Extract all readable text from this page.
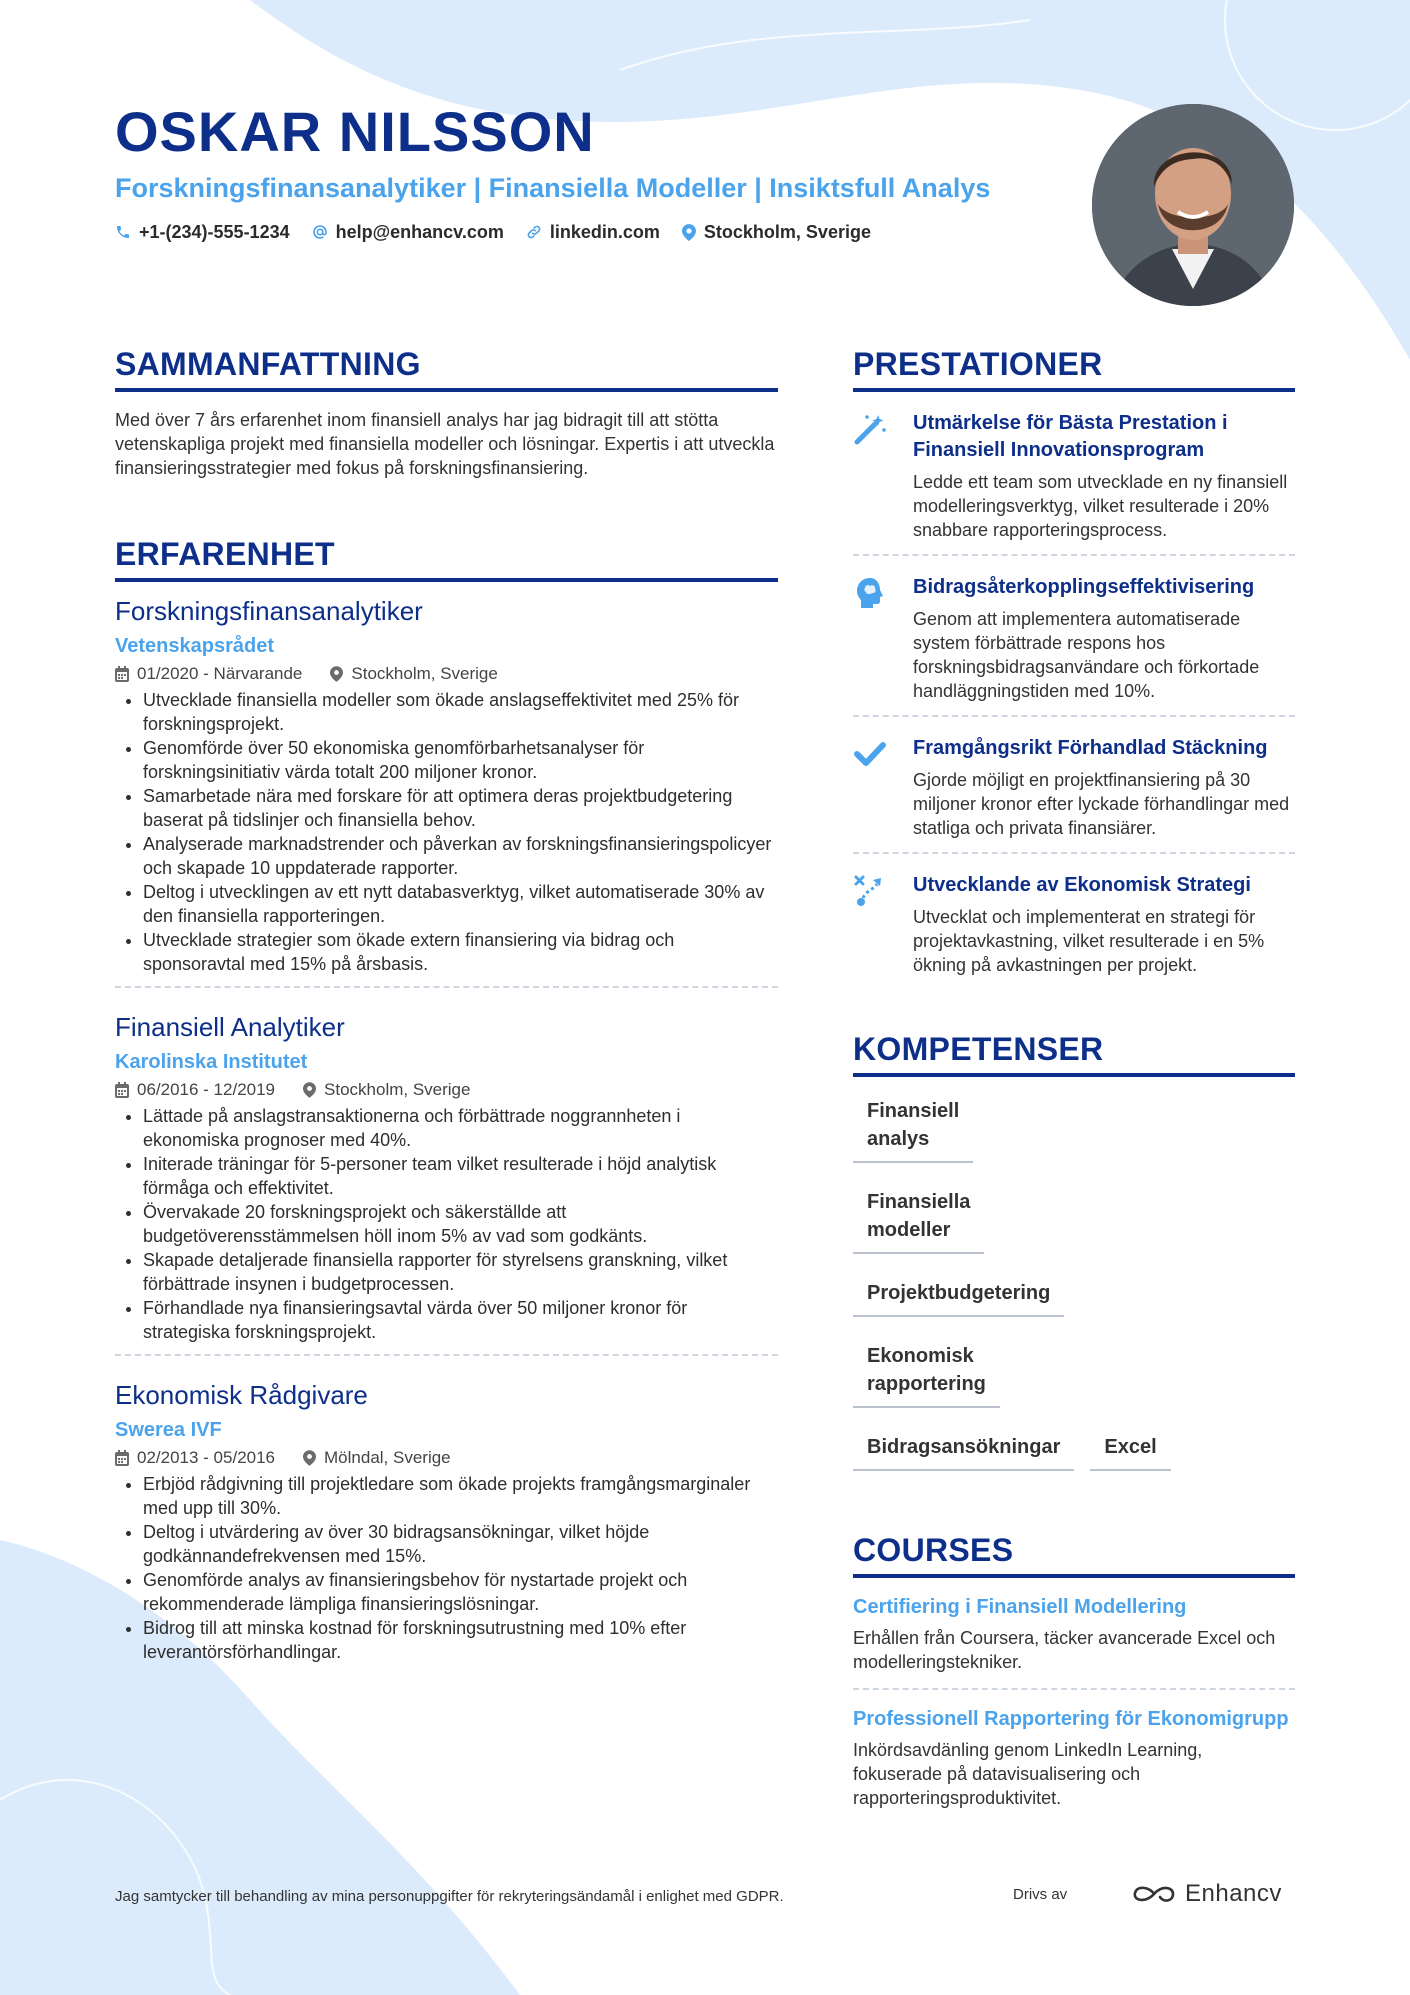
OSKAR NILSSON
Forskningsfinansanalytiker | Finansiella Modeller | Insiktsfull Analys
+1-(234)-555-1234	help@enhancv.com	linkedin.com Stockholm, Sverige
SAMMANFATTNING
Med över 7 års erfarenhet inom finansiell analys har jag bidragit till att stötta vetenskapliga projekt med finansiella modeller och lösningar. Expertis i att utveckla finansieringsstrategier med fokus på forskningsfinansiering.
ERFARENHET
Forskningsfinansanalytiker
Vetenskapsrådet
01/2020 - Närvarande	Stockholm, Sverige
• Utvecklade finansiella modeller som ökade anslagseffektivitet med 25% för forskningsprojekt.
• Genomförde över 50 ekonomiska genomförbarhetsanalyser för forskningsinitiativ värda totalt 200 miljoner kronor.
• Samarbetade nära med forskare för att optimera deras projektbudgetering baserat på tidslinjer och finansiella behov.
• Analyserade marknadstrender och påverkan av forskningsfinansieringspolicyer och skapade 10 uppdaterade rapporter.
• Deltog i utvecklingen av ett nytt databasverktyg, vilket automatiserade 30% av den finansiella rapporteringen.
• Utvecklade strategier som ökade extern finansiering via bidrag och sponsoravtal med 15% på årsbasis.
Finansiell Analytiker
Karolinska Institutet
06/2016 - 12/2019	Stockholm, Sverige
• Lättade på anslagstransaktionerna och förbättrade noggrannheten i ekonomiska prognoser med 40%.
• Initerade träningar för 5-personer team vilket resulterade i höjd analytisk förmåga och effektivitet.
• Övervakade 20 forskningsprojekt och säkerställde att budgetöverensstämmelsen höll inom 5% av vad som godkänts.
• Skapade detaljerade finansiella rapporter för styrelsens granskning, vilket förbättrade insynen i budgetprocessen.
• Förhandlade nya finansieringsavtal värda över 50 miljoner kronor för strategiska forskningsprojekt.
Ekonomisk Rådgivare
Swerea IVF
02/2013 - 05/2016	Mölndal, Sverige
• Erbjöd rådgivning till projektledare som ökade projekts framgångsmarginaler med upp till 30%.
• Deltog i utvärdering av över 30 bidragsansökningar, vilket höjde godkännandefrekvensen med 15%.
• Genomförde analys av finansieringsbehov för nystartade projekt och rekommenderade lämpliga finansieringslösningar.
• Bidrog till att minska kostnad för forskningsutrustning med 10% efter leverantörsförhandlingar.
PRESTATIONER
Utmärkelse för Bästa Prestation i Finansiell Innovationsprogram
Ledde ett team som utvecklade en ny finansiell modelleringsverktyg, vilket resulterade i 20% snabbare rapporteringsprocess.
Bidragsåterkopplingseffektivisering
Genom att implementera automatiserade system förbättrade respons hos forskningsbidragsanvändare och förkortade handläggningstiden med 10%.
Framgångsrikt Förhandlad Stäckning
Gjorde möjligt en projektfinansiering på 30 miljoner kronor efter lyckade förhandlingar med statliga och privata finansiärer.
Utvecklande av Ekonomisk Strategi
Utvecklat och implementerat en strategi för projektavkastning, vilket resulterade i en 5% ökning på avkastningen per projekt.
KOMPETENSER
Finansiell analys
Finansiella modeller
Projektbudgetering
Ekonomisk rapportering
Bidragsansökningar	Excel
COURSES
Certifiering i Finansiell Modellering
Erhållen från Coursera, täcker avancerade Excel och modelleringstekniker.
Professionell Rapportering för Ekonomigrupp
Inkördsavdänling genom LinkedIn Learning, fokuserade på datavisualisering och rapporteringsproduktivitet.
Jag samtycker till behandling av mina personuppgifter för rekryteringsändamål i enlighet med GDPR.	Drivs av	Enhancv
